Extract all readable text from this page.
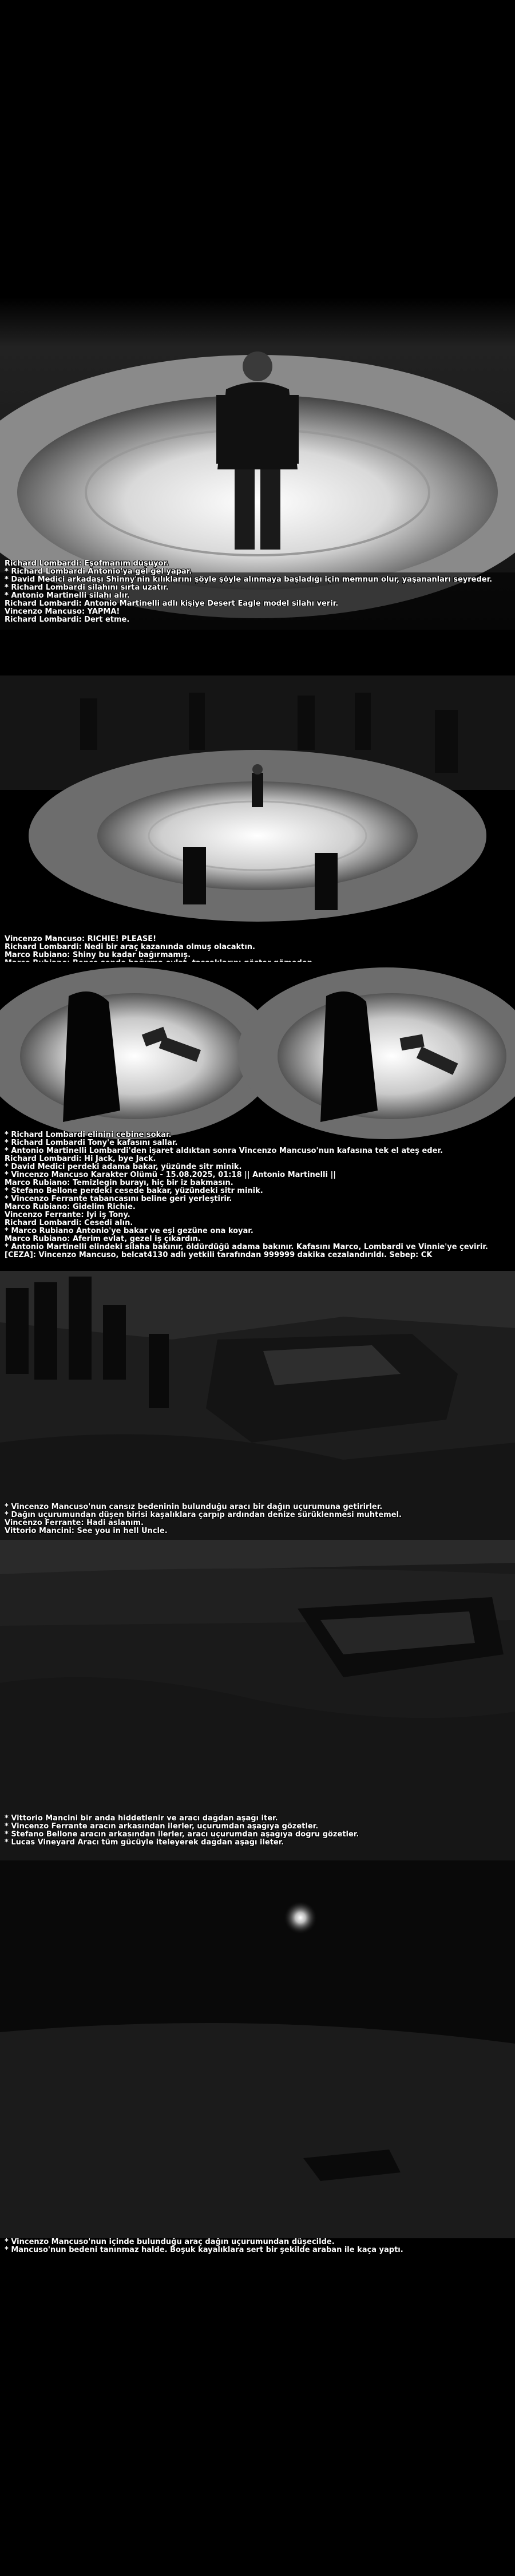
Richard Lombardi: Eşofmanım düşüyor.
* Richard Lombardi Antonio'ya gel gel yapar.
* David Medici arkadaşı Shinny'nin kılıklarını şöyle şöyle alınmaya başladığı için memnun olur, yaşananları seyreder.
* Richard Lombardi silahını sırta uzatır.
* Antonio Martinelli silahı alır.
Richard Lombardi: Antonio Martinelli adlı kişiye Desert Eagle model silahı verir.
Vincenzo Mancuso: YAPMA!
Richard Lombardi: Dert etme.
Vincenzo Mancuso: RICHIE! PLEASE!
Richard Lombardi: Nedi bir araç kazanında olmuş olacaktın.
Marco Rubiano: Shiny bu kadar bağırmamış.
* Richard Lombardi elinini cebine sokar.
* Richard Lombardi Tony'e kafasını sallar.
* Antonio Martinelli Lombardi'den işaret aldıktan sonra Vincenzo Mancuso'nun kafasına tek el ateş eder.
Richard Lombardi: Hi Jack, bye Jack.
* David Medici perdeki adama bakar, yüzünde sitr minik.
* Vincenzo Mancuso Karakter Ölümü - 15.08.2025, 01:18 || Antonio Martinelli ||
Marco Rubiano: Temizlegin burayı, hiç bir iz bakmasın.
* Stefano Bellone perdeki cesede bakar, yüzündeki sitr minik.
* Vincenzo Ferrante tabancasını beline geri yerleştirir.
Marco Rubiano: Gidelim Richie.
Vincenzo Ferrante: İyi iş Tony.
Richard Lombardi: Cesedi alın.
* Marco Rubiano Antonio'ye bakar ve eşi gezüne ona koyar.
Marco Rubiano: Aferim evlat, gezel iş çıkardın.
* Antonio Martinelli elindeki silaha bakınır, öldürdüğü adama bakınır. Kafasını Marco, Lombardi ve Vinnie'ye çevirir.
[CEZA]: Vincenzo Mancuso, belcat4130 adlı yetkili tarafından 999999 dakika cezalandırıldı. Sebep: CK
* Vincenzo Mancuso'nun cansız bedeninin bulunduğu aracı bir dağın uçurumuna getirirler.
* Dağın uçurumundan düşen birisi kaşalıklara çarpıp ardından denize sürüklenmesi muhtemel.
Vincenzo Ferrante: Hadi aslanım.
Vittorio Mancini: See you in hell Uncle.
* Vittorio Mancini bir anda hiddetlenir ve aracı dağdan aşağı iter.
* Vincenzo Ferrante aracın arkasından ilerler, uçurumdan aşağıya gözetler.
* Stefano Bellone aracın arkasından ilerler, aracı uçurumdan aşağıya doğru gözetler.
* Lucas Vineyard Aracı tüm gücüyle iteleyerek dağdan aşağı ileter.
* Vincenzo Mancuso'nun içinde bulunduğu araç dağın uçurumundan düşecilde.
* Mancuso'nun bedeni tanınmaz halde. Boşuk kayalıklara sert bir şekilde araban ile kaça yaptı.
